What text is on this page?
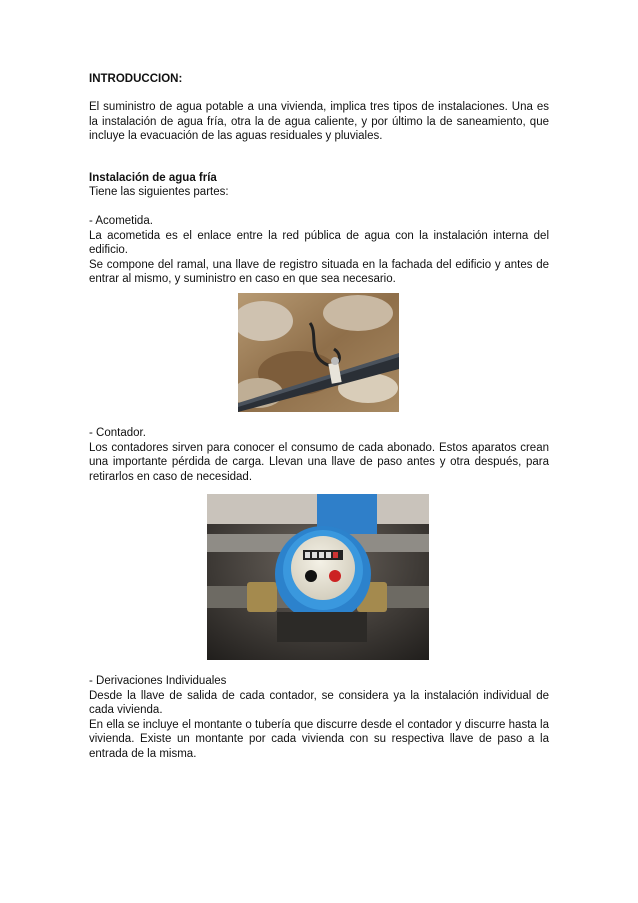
INTRODUCCION:

El suministro de agua potable a una vivienda, implica tres tipos de instalaciones. Una es la instalación de agua fría, otra la de agua caliente, y por último la de saneamiento, que incluye la evacuación de las aguas residuales y pluviales.

Instalación de agua fría

Tiene las siguientes partes:

- Acometida.

La acometida es el enlace entre la red pública de agua con la instalación interna del edificio.

Se compone del ramal, una llave de registro situada en la fachada del edificio y antes de entrar al mismo, y suministro en caso en que sea necesario.

- Contador.

Los contadores sirven para conocer el consumo de cada abonado. Estos aparatos crean una importante pérdida de carga. Llevan una llave de paso antes y otra después, para retirarlos en caso de necesidad.

- Derivaciones Individuales

Desde la llave de salida de cada contador, se considera ya la instalación individual de cada vivienda.

En ella se incluye el montante o tubería que discurre desde el contador y discurre hasta la vivienda. Existe un montante por cada vivienda con su respectiva llave de paso a la entrada de la misma.
